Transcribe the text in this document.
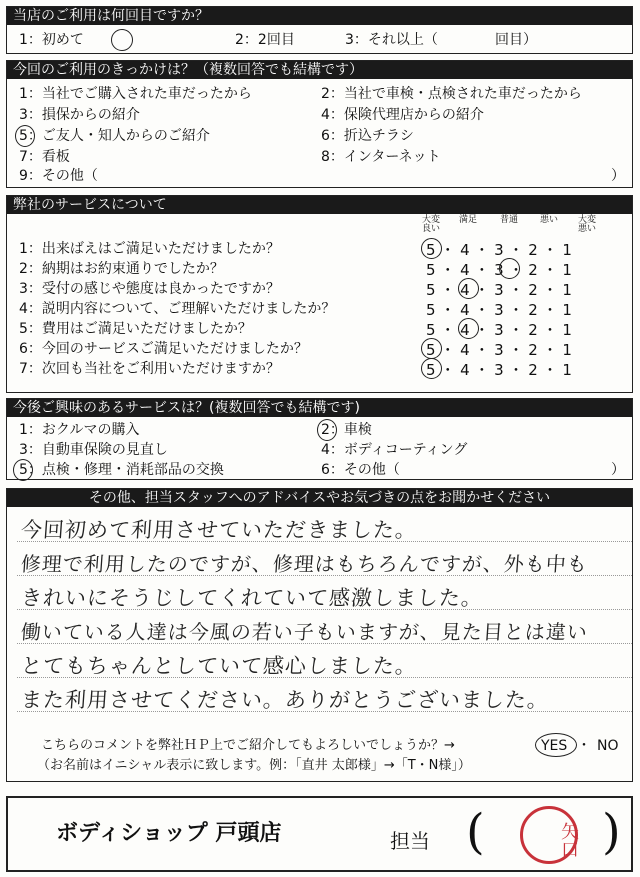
当店のご利用は何回目ですか？
1：初めて	2：2回目	3：それ以上（	回目）
今回のご利用のきっかけは？（複数回答でも結構です）
1：当社でご購入された車だったから	2：当社で車検・点検された車だったから
3：損保からの紹介	4：保険代理店からの紹介
5：ご友人・知人からのご紹介	6：折込チラシ
7：看板	8：インターネット
9：その他（	）
弊社のサービスについて
大変良い
満足	普通 悪い 大変悪い
1：出来ばえはご満足いただけましたか？	5 ・ 4 ・ 3 ・ 2 ・ 1
2：納期はお約束通りでしたか？	5 ・ 4 ・ 3 ・ 2 ・ 1
3：受付の感じや態度は良かったですか？	5 ・ 4 ・ 3 ・ 2 ・ 1
4：説明内容について、ご理解いただけましたか？	5 ・ 4 ・ 3 ・ 2 ・ 1
5：費用はご満足いただけましたか？	5 ・ 4 ・ 3 ・ 2 ・ 1
6：今回のサービスご満足いただけましたか？	5 ・ 4 ・ 3 ・ 2 ・ 1
7：次回も当社をご利用いただけますか？	5 ・ 4 ・ 3 ・ 2 ・ 1
今後ご興味のあるサービスは？(複数回答でも結構です)
1：おクルマの購入	2：車検
3：自動車保険の見直し	4：ボディコーティング
5：点検・修理・消耗部品の交換	6：その他（	）
その他、担当スタッフへのアドバイスやお気づきの点をお聞かせください
今回初めて利用させていただきました。
修理で利用したのですが、修理はもちろんですが、外も中も
きれいにそうじしてくれていて感激しました。
働いている人達は今風の若い子もいますが、見た目とは違い
とてもちゃんとしていて感心しました。
また利用させてください。ありがとうございました。
こちらのコメントを弊社ＨＰ上でご紹介してもよろしいでしょうか？→	YES ・ NO
（お名前はイニシャル表示に致します。例：「直井 太郎様」→「T・N様」）
ボディショップ 戸頭店	担当 (	矢口 )
